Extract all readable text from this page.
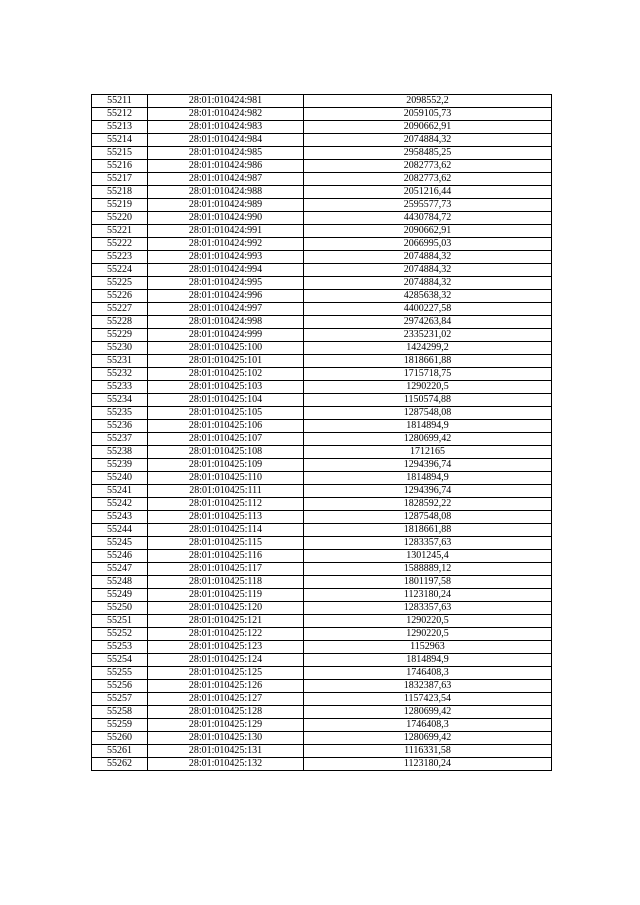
55211	28:01:010424:981	2098552,2
55212	28:01:010424:982	2059105,73
55213	28:01:010424:983	2090662,91
55214	28:01:010424:984	2074884,32
55215	28:01:010424:985	2958485,25
55216	28:01:010424:986	2082773,62
55217	28:01:010424:987	2082773,62
55218	28:01:010424:988	2051216,44
55219	28:01:010424:989	2595577,73
55220	28:01:010424:990	4430784,72
55221	28:01:010424:991	2090662,91
55222	28:01:010424:992	2066995,03
55223	28:01:010424:993	2074884,32
55224	28:01:010424:994	2074884,32
55225	28:01:010424:995	2074884,32
55226	28:01:010424:996	4285638,32
55227	28:01:010424:997	4400227,58
55228	28:01:010424:998	2974263,84
55229	28:01:010424:999	2335231,02
55230	28:01:010425:100	1424299,2
55231	28:01:010425:101	1818661,88
55232	28:01:010425:102	1715718,75
55233	28:01:010425:103	1290220,5
55234	28:01:010425:104	1150574,88
55235	28:01:010425:105	1287548,08
55236	28:01:010425:106	1814894,9
55237	28:01:010425:107	1280699,42
55238	28:01:010425:108	1712165
55239	28:01:010425:109	1294396,74
55240	28:01:010425:110	1814894,9
55241	28:01:010425:111	1294396,74
55242	28:01:010425:112	1828592,22
55243	28:01:010425:113	1287548,08
55244	28:01:010425:114	1818661,88
55245	28:01:010425:115	1283357,63
55246	28:01:010425:116	1301245,4
55247	28:01:010425:117	1588889,12
55248	28:01:010425:118	1801197,58
55249	28:01:010425:119	1123180,24
55250	28:01:010425:120	1283357,63
55251	28:01:010425:121	1290220,5
55252	28:01:010425:122	1290220,5
55253	28:01:010425:123	1152963
55254	28:01:010425:124	1814894,9
55255	28:01:010425:125	1746408,3
55256	28:01:010425:126	1832387,63
55257	28:01:010425:127	1157423,54
55258	28:01:010425:128	1280699,42
55259	28:01:010425:129	1746408,3
55260	28:01:010425:130	1280699,42
55261	28:01:010425:131	1116331,58
55262	28:01:010425:132	1123180,24
